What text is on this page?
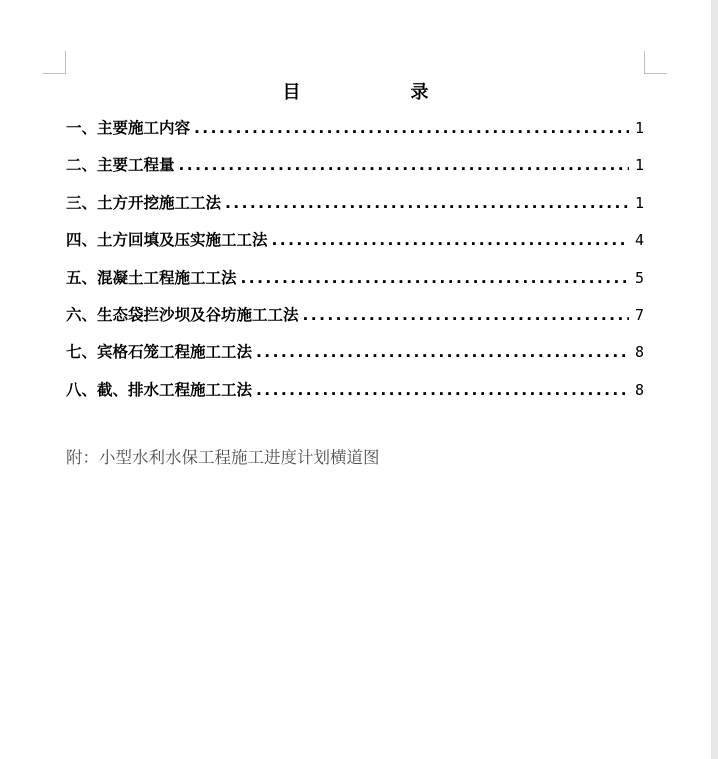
目	录
一、主要施工内容 .....	1
二、主要工程量 .....	1
三、土方开挖施工工法 .....	1
四、土方回填及压实施工工法 .....	4
五、混凝土工程施工工法 .....	5
六、生态袋拦沙坝及谷坊施工工法 .....	7
七、宾格石笼工程施工工法 .....	8
八、截、排水工程施工工法 .....	8
附：小型水利水保工程施工进度计划横道图
